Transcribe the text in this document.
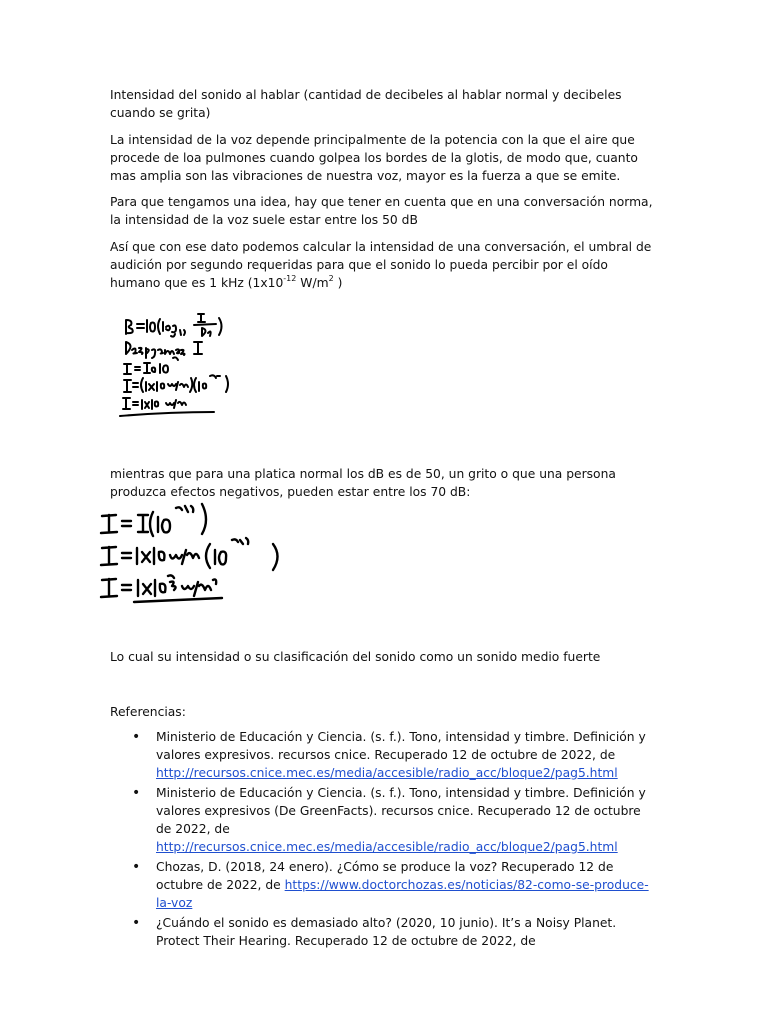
Intensidad del sonido al hablar (cantidad de decibeles al hablar normal y decibeles cuando se grita)

La intensidad de la voz depende principalmente de la potencia con la que el aire que procede de loa pulmones cuando golpea los bordes de la glotis, de modo que, cuanto mas amplia son las vibraciones de nuestra voz, mayor es la fuerza a que se emite.

Para que tengamos una idea, hay que tener en cuenta que en una conversación norma, la intensidad de la voz suele estar entre los 50 dB

Así que con ese dato podemos calcular la intensidad de una conversación, el umbral de audición por segundo requeridas para que el sonido lo pueda percibir por el oído humano que es 1 kHz ($1x10^{-12}$ $W/m^2$ )

mientras que para una platica normal los dB es de 50, un grito o que una persona produzca efectos negativos, pueden estar entre los 70 dB:

Lo cual su intensidad o su clasificación del sonido como un sonido medio fuerte

Referencias:

• Ministerio de Educación y Ciencia. (s. f.). Tono, intensidad y timbre. Definición y valores expresivos. recursos cnice. Recuperado 12 de octubre de 2022, de http://recursos.cnice.mec.es/media/accesible/radio_acc/bloque2/pag5.html
• Ministerio de Educación y Ciencia. (s. f.). Tono, intensidad y timbre. Definición y valores expresivos (De GreenFacts). recursos cnice. Recuperado 12 de octubre de 2022, de http://recursos.cnice.mec.es/media/accesible/radio_acc/bloque2/pag5.html
• Chozas, D. (2018, 24 enero). ¿Cómo se produce la voz? Recuperado 12 de octubre de 2022, de https://www.doctorchozas.es/noticias/82-como-se-produce-la-voz
• ¿Cuándo el sonido es demasiado alto? (2020, 10 junio). It’s a Noisy Planet. Protect Their Hearing. Recuperado 12 de octubre de 2022, de
